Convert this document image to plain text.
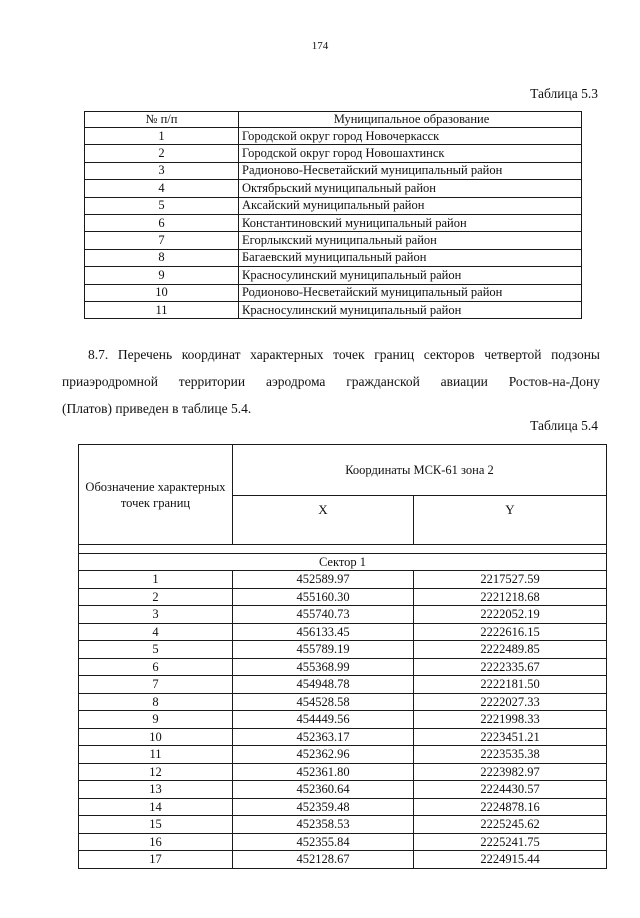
174
Таблица 5.3
№ п/п	Муниципальное образование
1	Городской округ город Новочеркасск
2	Городской округ город Новошахтинск
3	Радионово-Несветайский муниципальный район
4	Октябрьский муниципальный район
5	Аксайский муниципальный район
6	Константиновский муниципальный район
7	Егорлыкский муниципальный район
8	Багаевский муниципальный район
9	Красносулинский муниципальный район
10	Родионово-Несветайский муниципальный район
11	Красносулинский муниципальный район
8.7. Перечень координат характерных точек границ секторов четвертой подзоны приаэродромной территории аэродрома гражданской авиации Ростов-на-Дону
(Платов) приведен в таблице 5.4.
Таблица 5.4
Обозначение характерных точек границ	Координаты МСК-61 зона 2	
	X	Y

Сектор 1		
1	452589.97	2217527.59
2	455160.30	2221218.68
3	455740.73	2222052.19
4	456133.45	2222616.15
5	455789.19	2222489.85
6	455368.99	2222335.67
7	454948.78	2222181.50
8	454528.58	2222027.33
9	454449.56	2221998.33
10	452363.17	2223451.21
11	452362.96	2223535.38
12	452361.80	2223982.97
13	452360.64	2224430.57
14	452359.48	2224878.16
15	452358.53	2225245.62
16	452355.84	2225241.75
17	452128.67	2224915.44
